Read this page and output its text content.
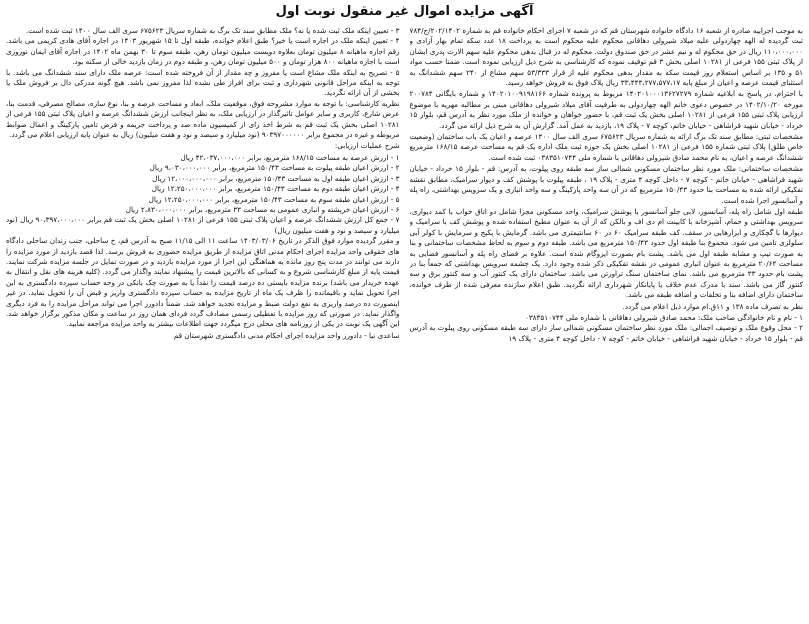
آگهی مزایده اموال غیر منقول نوبت اول

به موجب اجراییه صادره از شعبه ۱۶ دادگاه خانواده شهرستان قم که در شعبه ۷ اجرای احکام خانواده قم به شماره ۲۰۲/۱۴۰۲/ج/۷۸۴ ثبت گردیده له الهه چهاردولی علیه میلاد شیرولی دهاقانی محکوم علیه محکوم است به پرداخت ۱۸ عدد سکه تمام بهار آزادی و ۱۱۰،۰۰۰،۰۰۰ ریال در حق محکوم له و نیم عشر در حق صندوق دولت. محکوم له در قبال بدهی محکوم علیه سهم الارث پدری ایشان از پلاک ثبتی ۱۵۵ فرعی از ۱۰۲۸۱ اصلی بخش ۳ قم توقیف نموده که کارشناسی به شرح ذیل ارزیابی نموده است. ضمنا حسب مواد ۵۱ و ۱۳۵ بر اساس استعلام روز قیمت سکه به مقدار بدهی محکوم علیه از قرار ۵۳/۳۳۳ سهم مشاع از ۲۴۰ سهم ششدانگ به استثنای قیمت عرصه و اعیان از مبلغ پایه ۳۳،۴۴۴،۲۷۷،۵۷۷،۱۷ ریال پلاک فوق به فروش خواهد رسید.

با احترام، در پاسخ به ابلاغیه شماره ۱۴۰۲۰۱۰۰۰۱۳۶۲۷۲۷۹ مربوط به پرونده شماره ۱۴۰۲۰۱۰۰۹۱۹۸۱۶۶ و شماره بایگانی ۲۰۰۷۸۴ مورخه ۱۴۰۲/۱۰/۲۰ در خصوص دعوی خانم الهه چهاردولی به طرفیت آقای میلاد شیرولی دهاقانی مبنی بر مطالبه مهریه با موضوع ارزیابی پلاک ثبتی ۱۵۵ فرعی از ۱۰۲۸۱ اصلی بخش یک ثبت قم، با حضور خواهان و خوانده از ملک مورد نظر به آدرس قم، بلوار ۱۵ خرداد - خیابان شهید قراشاهی - خیابان خاتم، کوچه ۷ - پلاک ۱۹، بازدید به عمل آمد. گزارش آن به شرح ذیل ارائه می گردد.

مشخصات ثبتی: مطابق سند تک برگ ارائه به شماره سریال ۶۷۵۶۲۳ سری الف سال ۱۴۰۰ عرصه و اعیان یک باب ساختمان (وضعیت خاص طلق) پلاک ثبتی شماره ۱۵۵ فرعی از ۱۰۲۸۱ اصلی بخش یک حوزه ثبت ملک اداره یک قم به مساحت عرصه ۱۶۸/۱۵ مترمربع ششدانگ عرصه و اعیان، به نام محمد صادق شیرولی دهاقانی با شماره ملی ۰۳۸۳۵۱۰۷۴۴ ثبت شده است.

مشخصات ساختمانی: ملک مورد نظر ساختمان مسکونی شمالی ساز سه طبقه روی پیلوت، به آدرس: قم - بلوار ۱۵ خرداد - خیابان شهید قراشاهی - خیابان خاتم - کوچه ۷ - داخل کوچه ۴ متری - پلاک ۱۹ ، طبقه پیلوت با پوشش کف و دیوار سرامیک، مطابق نقشه تفکیکی ارائه شده به مساحت بنا حدود ۱۵۰/۴۳ مترمربع که در آن سه واحد پارکینگ و سه واحد انباری و یک سرویس بهداشتی، راه پله و آسانسور اجرا شده است.

طبقه اول شامل راه پله، آسانسور، لابی جلو آسانسور با پوشش سرامیک، واحد مسکونی مجزا شامل دو اتاق خواب با کمد دیواری، سرویس بهداشتی و حمام، آشپزخانه با کابینت ام دی اف و بالکن که از آن به عنوان مطبخ استفاده شده و پوشش کف با سرامیک و دیوارها با گچکاری و ابزارهایی در سقف. کف طبقه سرامیک ۶۰ در ۶۰ سانتیمتری می باشد. گرمایش با پکیج و سرمایش با کولر آبی سلولزی تامین می شود. مجموع بنا طبقه اول حدود ۱۵۰/۴۳ مترمربع می باشد. طبقه دوم و سوم به لحاظ مشخصات ساختمانی و بنا به صورت تیپ و مشابه طبقه اول می باشد. پشت بام بصورت ایزوگام شده است. علاوه بر فضای راه پله و آسانسور فضایی به مساحت ۲۰/۶۴ مترمربع به عنوان انباری عمومی در نقشه تفکیکی ذکر شده وجود دارد. یک چشمه سرویس بهداشتی که جمعاً بنا در پشت بام حدود ۳۳ مترمربع می باشد. نمای ساختمان سنگ تراورتن می باشد. ساختمان دارای یک کنتور آب و سه کنتور برق و سه کنتور گاز می باشد. سند با مدرک عدم خلاف یا پایانکار شهرداری ارائه نگردید. طبق اعلام سازنده معرفی شده از طرف خوانده، ساختمان دارای اضافه بنا و تخلفات و اضافه طبقه می باشد.

نظر به تصرف ماده ۱۳۸ و ۱۱ق.ام موارد ذیل اعلام می گردد.

۱ - نام و نام خانوادگی صاحب ملک: محمد صادق شیرولی دهاقانی با شماره ملی ۰۳۸۳۵۱۰۷۴۴
۲ - محل وقوع ملک و توصیف اجمالی: ملک مورد نظر ساختمان مسکونی شمالی ساز دارای سه طبقه مسکونی روی پیلوت به آدرس قم - بلوار ۱۵ خرداد - خیابان شهید قراشاهی - خیابان خاتم - کوچه ۷ - داخل کوچه ۴ متری - پلاک ۱۹
۳ - تعیین اینکه ملک ثبت شده یا نه؟ ملک مطابق سند تک برگ به شماره سریال ۶۷۵۶۲۳ سری الف سال ۱۴۰۰ ثبت شده است.
۴ - تعیین اینکه ملک در اجاره است یا خیر؟ طبق اعلام خوانده، طبقه اول تا ۱۵ شهریور ۱۴۰۳ در اجاره آقای هادی کریمی می باشد. رقم اجاره ماهیانه ۸ میلیون تومان بعلاوه دویست میلیون تومان رهن، طبقه سوم تا ۳۰ بهمن ماه ۱۴۰۲ در اجاره آقای ایمان نوروزی است با اجاره ماهیانه ۸۰۰ هزار تومان و ۵۰۰ میلیون تومان رهن، و طبقه دوم در زمان بازدید خالی از سکنه بود.
۵ - تصریح به اینکه ملک مشاع است یا مفروز و چه مقدار از آن فروخته شده است: عرصه ملک دارای سند ششدانگ می باشد. با توجه به اینکه مراحل قانونی شهرداری و ثبت برای افراز طی نشده لذا مفروز نمی باشد. هیچ گونه مدرکی دال بر فروش ملک یا بخشی از آن ارائه نگردید.

نظریه کارشناسی: با توجه به موارد مشروحه فوق، موقعیت ملک، ابعاد و مساحت عرصه و بنا، نوع سازه، مصالح مصرفی، قدمت بنا، عرض شارع، کاربری و سایر عوامل تاثیرگذار در ارزیابی ملک، به نظر اینجانب ارزش ششدانگ عرصه و اعیان پلاک ثبتی ۱۵۵ فرعی از ۱۰۲۸۱ اصلی بخش یک ثبت قم به شرط اخذ رای از کمیسیون ماده صد و پرداخت جریمه و فرض تامین پارکینگ و اعمال ضوابط مربوطه و غیره در مجموع برابر ۹۰۳۹۷۰۰۰۰۰۰ (نود میلیارد و سیصد و نود و هفت میلیون) ریال به عنوان پایه ارزیابی اعلام می گردد.

شرح عملیات ارزیابی:

۱ - ارزش عرصه به مساحت ۱۶۸/۱۵ مترمربع، برابر ۴۲،۰۳۷،۰۰۰،۰۰۰ ریال
۲ - ارزش اعیان طبقه پیلوت به مساحت ۱۵۰/۴۳ مترمربع، برابر ۹،۰۳۰،۰۰۰،۰۰۰ ریال
۳ - ارزش اعیان طبقه اول به مساحت ۱۵۰/۴۳ مترمربع، برابر ۱۲،۰۰۰،۰۰۰،۰۰۰ ریال
۴ - ارزش اعیان طبقه دوم به مساحت ۱۵۰/۴۳ مترمربع، برابر ۱۲،۲۵۰،۰۰۰،۰۰۰ ریال
۵ - ارزش اعیان طبقه سوم به مساحت ۱۵۰/۴۳ مترمربع، برابر ۱۲،۲۵۰،۰۰۰،۰۰۰ ریال
۶ - ارزش اعیان خرپشته و انباری عمومی به مساحت ۳۳ مترمربع، برابر ۲،۸۳۰،۰۰۰،۰۰۰ ریال
۷ - جمع کل ارزش ششدانگ عرصه و اعیان پلاک ثبتی ۱۵۵ فرعی از ۱۰۲۸۱ اصلی بخش یک ثبت قم برابر ۹۰،۳۹۷،۰۰۰،۰۰۰ ریال (نود میلیارد و سیصد و نود و هفت میلیون ریال)

و مقرر گردیده موارد فوق الذکر در تاریخ ۱۴۰۳/۰۳/۰۶ ساعت ۱۱ الی ۱۱/۱۵ صبح به آدرس قم، خ ساحلی، جنب زندان ساحلی دادگاه های حقوقی واحد مزایده اجرای احکام مدنی اتاق مزایده از طریق مزایده حضوری به فروش برسد. لذا قصد بازدید از مورد مزایده را دارند می توانند در مدت پنج روز مانده به هماهنگی این اجرا از مورد مزایده بازدید و در صورت تمایل در جلسه مزایده شرکت نمایند. قیمت پایه از مبلغ کارشناسی شروع و به کسانی که بالاترین قیمت را پیشنهاد نمایند واگذار می گردد. (کلیه هزینه های نقل و انتقال به عهده خریدار می باشد) برنده مزایده بایستی ده درصد قیمت را نقداً یا به صورت چک بانکی در وجه حساب سپرده دادگستری به این اجرا تحویل نماید و باقیمانده را ظرف یک ماه از تاریخ مزایده به حساب سپرده دادگستری واریز و قبض آن را تحویل نماید. در غیر اینصورت ده درصد واریزی به نفع دولت ضبط و مزایده تجدید خواهد شد. ضمناً دادورز اجرا می تواند مراحل مزایده را به فرد دیگری واگذار نماید. در صورتی که روز مزایده با تعطیلی رسمی مصادف گردد فردای همان روز در ساعت و مکان مذکور برگزار خواهد شد. این آگهی یک نوبت در یکی از روزنامه های محلی درج میگردد جهت اطلاعات بیشتر به واحد مزایده مراجعه نمایید.

ساعدی نیا - دادورز واحد مزایده اجرای احکام مدنی دادگستری شهرستان قم
